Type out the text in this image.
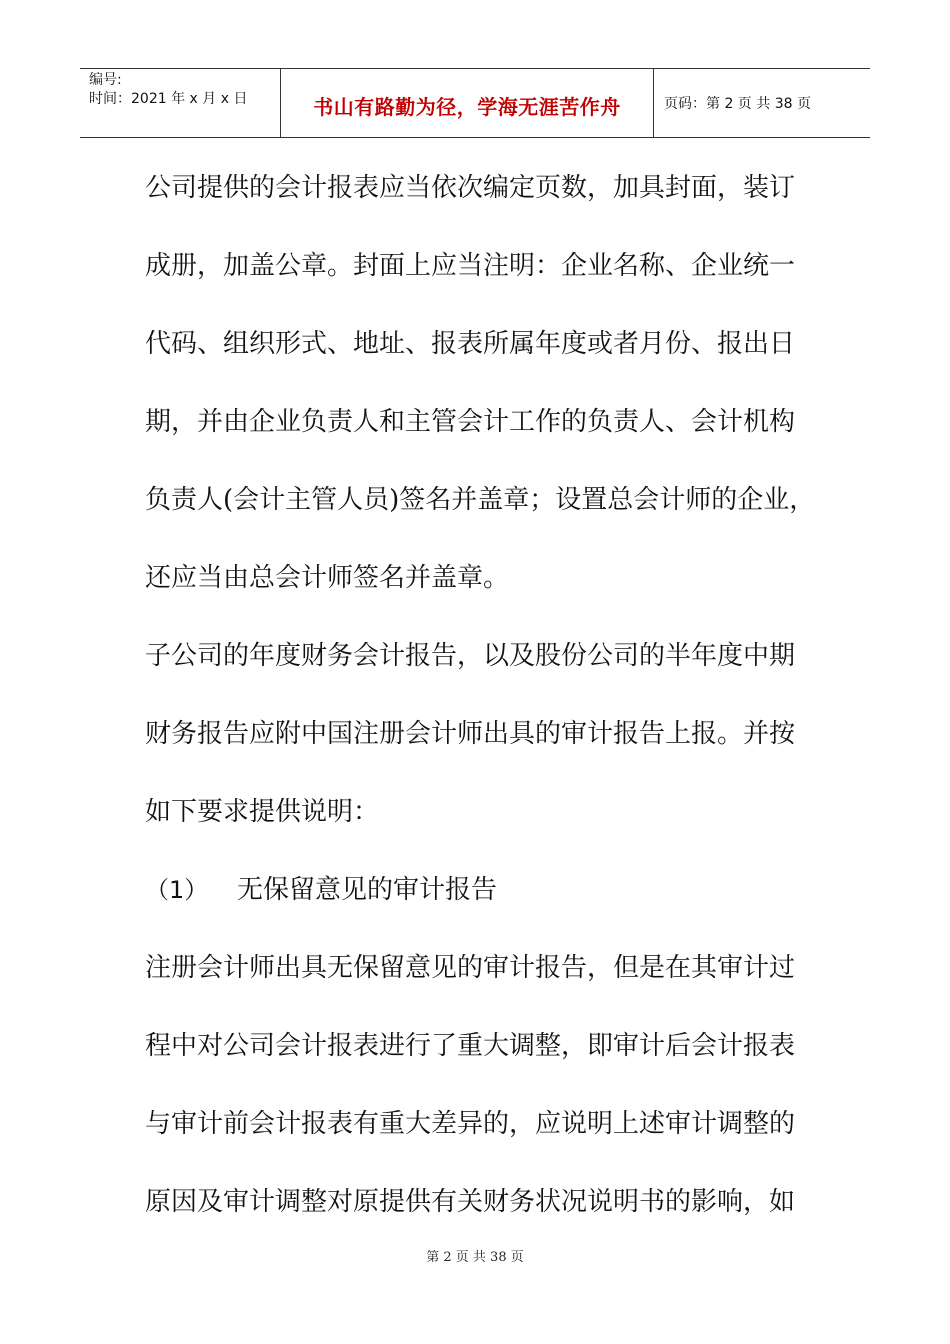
编号:
时间：2021 年 x 月 x 日	书山有路勤为径，学海无涯苦作舟	页码： 第 2 页 共 38 页
公司提供的会计报表应当依次编定页数，加具封面，装订
成册，加盖公章。封面上应当注明：企业名称、企业统一
代码、组织形式、地址、报表所属年度或者月份、报出日
期，并由企业负责人和主管会计工作的负责人、会计机构
负责人(会计主管人员)签名并盖章；设置总会计师的企业，
还应当由总会计师签名并盖章。
子公司的年度财务会计报告，以及股份公司的半年度中期
财务报告应附中国注册会计师出具的审计报告上报。并按
如下要求提供说明：
（1） 无保留意见的审计报告
注册会计师出具无保留意见的审计报告，但是在其审计过
程中对公司会计报表进行了重大调整，即审计后会计报表
与审计前会计报表有重大差异的，应说明上述审计调整的
原因及审计调整对原提供有关财务状况说明书的影响，如
第 2 页 共 38 页
